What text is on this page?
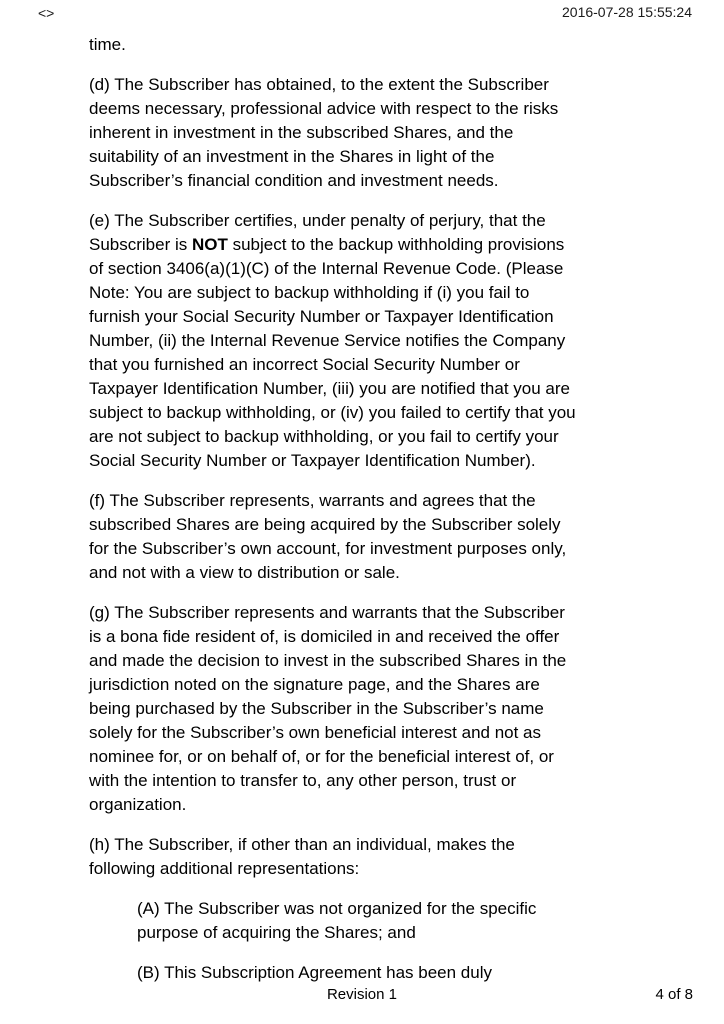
<>	2016-07-28 15:55:24
time.
(d) The Subscriber has obtained, to the extent the Subscriber
deems necessary, professional advice with respect to the risks
inherent in investment in the subscribed Shares, and the
suitability of an investment in the Shares in light of the
Subscriber’s financial condition and investment needs.
(e) The Subscriber certifies, under penalty of perjury, that the
Subscriber is NOT subject to the backup withholding provisions
of section 3406(a)(1)(C) of the Internal Revenue Code. (Please
Note: You are subject to backup withholding if (i) you fail to
furnish your Social Security Number or Taxpayer Identification
Number, (ii) the Internal Revenue Service notifies the Company
that you furnished an incorrect Social Security Number or
Taxpayer Identification Number, (iii) you are notified that you are
subject to backup withholding, or (iv) you failed to certify that you
are not subject to backup withholding, or you fail to certify your
Social Security Number or Taxpayer Identification Number).
(f) The Subscriber represents, warrants and agrees that the
subscribed Shares are being acquired by the Subscriber solely
for the Subscriber’s own account, for investment purposes only,
and not with a view to distribution or sale.
(g) The Subscriber represents and warrants that the Subscriber
is a bona fide resident of, is domiciled in and received the offer
and made the decision to invest in the subscribed Shares in the
jurisdiction noted on the signature page, and the Shares are
being purchased by the Subscriber in the Subscriber’s name
solely for the Subscriber’s own beneficial interest and not as
nominee for, or on behalf of, or for the beneficial interest of, or
with the intention to transfer to, any other person, trust or
organization.
(h) The Subscriber, if other than an individual, makes the
following additional representations:
(A) The Subscriber was not organized for the specific
purpose of acquiring the Shares; and
(B) This Subscription Agreement has been duly
Revision 1	4 of 8
